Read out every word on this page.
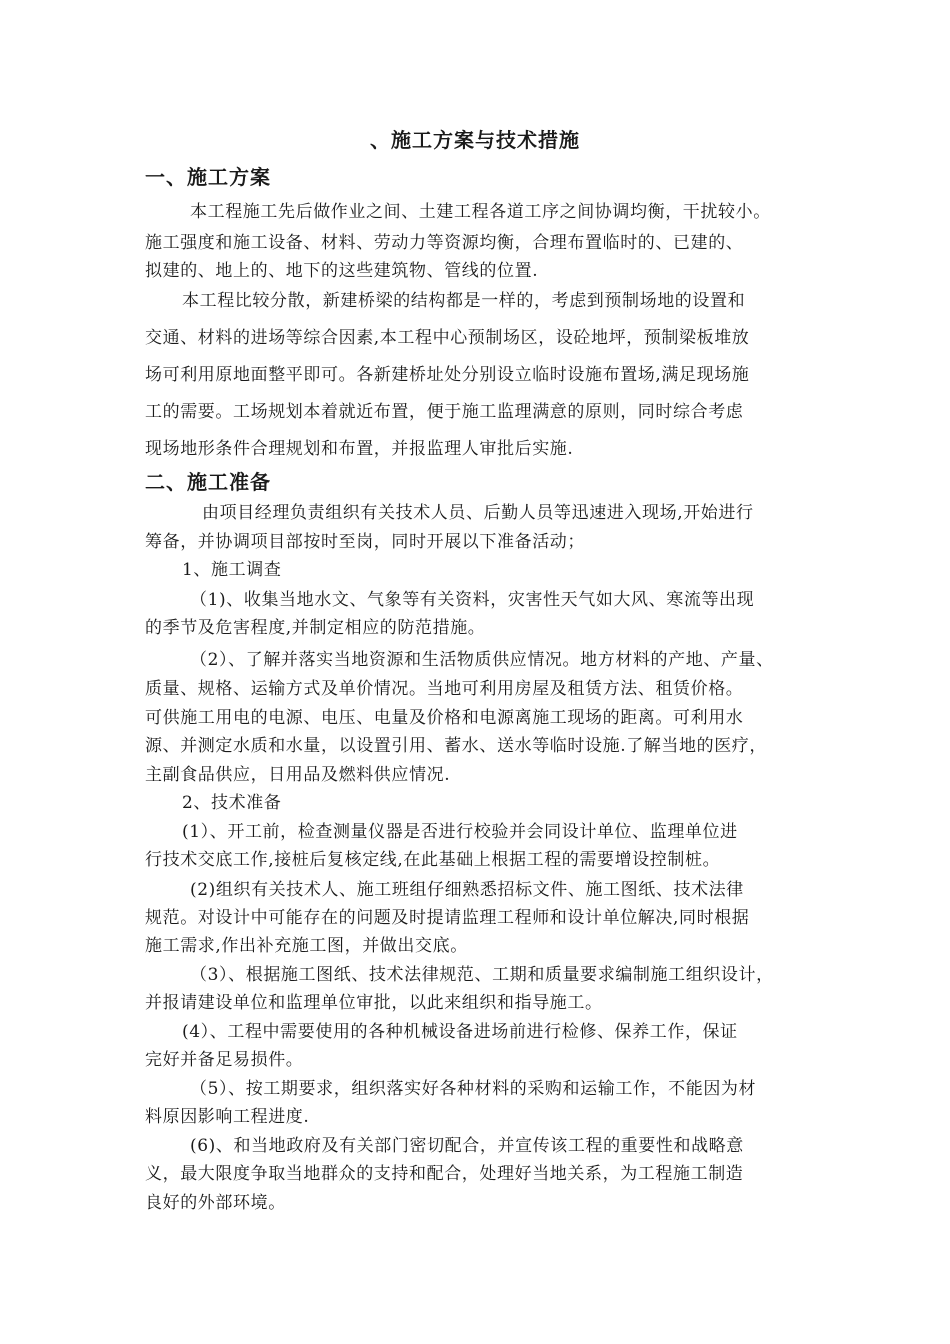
、施工方案与技术措施
一、施工方案
本工程施工先后做作业之间、土建工程各道工序之间协调均衡，干扰较小。
施工强度和施工设备、材料、劳动力等资源均衡，合理布置临时的、已建的、
拟建的、地上的、地下的这些建筑物、管线的位置.
本工程比较分散，新建桥梁的结构都是一样的，考虑到预制场地的设置和
交通、材料的进场等综合因素,本工程中心预制场区，设砼地坪，预制梁板堆放
场可利用原地面整平即可。各新建桥址处分别设立临时设施布置场,满足现场施
工的需要。工场规划本着就近布置，便于施工监理满意的原则，同时综合考虑
现场地形条件合理规划和布置，并报监理人审批后实施.
二、施工准备
由项目经理负责组织有关技术人员、后勤人员等迅速进入现场,开始进行
筹备，并协调项目部按时至岗，同时开展以下准备活动；
1、施工调查
（1)、收集当地水文、气象等有关资料，灾害性天气如大风、寒流等出现
的季节及危害程度,并制定相应的防范措施。
（2）、了解并落实当地资源和生活物质供应情况。地方材料的产地、产量、
质量、规格、运输方式及单价情况。当地可利用房屋及租赁方法、租赁价格。
可供施工用电的电源、电压、电量及价格和电源离施工现场的距离。可利用水
源、并测定水质和水量，以设置引用、蓄水、送水等临时设施.了解当地的医疗，
主副食品供应，日用品及燃料供应情况.
2、技术准备
(1）、开工前，检查测量仪器是否进行校验并会同设计单位、监理单位进
行技术交底工作,接桩后复核定线,在此基础上根据工程的需要增设控制桩。
(2)组织有关技术人、施工班组仔细熟悉招标文件、施工图纸、技术法律
规范。对设计中可能存在的问题及时提请监理工程师和设计单位解决,同时根据
施工需求,作出补充施工图，并做出交底。
（3）、根据施工图纸、技术法律规范、工期和质量要求编制施工组织设计，
并报请建设单位和监理单位审批，以此来组织和指导施工。
(4）、工程中需要使用的各种机械设备进场前进行检修、保养工作，保证
完好并备足易损件。
（5）、按工期要求，组织落实好各种材料的采购和运输工作，不能因为材
料原因影响工程进度.
(6)、和当地政府及有关部门密切配合，并宣传该工程的重要性和战略意
义，最大限度争取当地群众的支持和配合，处理好当地关系，为工程施工制造
良好的外部环境。
